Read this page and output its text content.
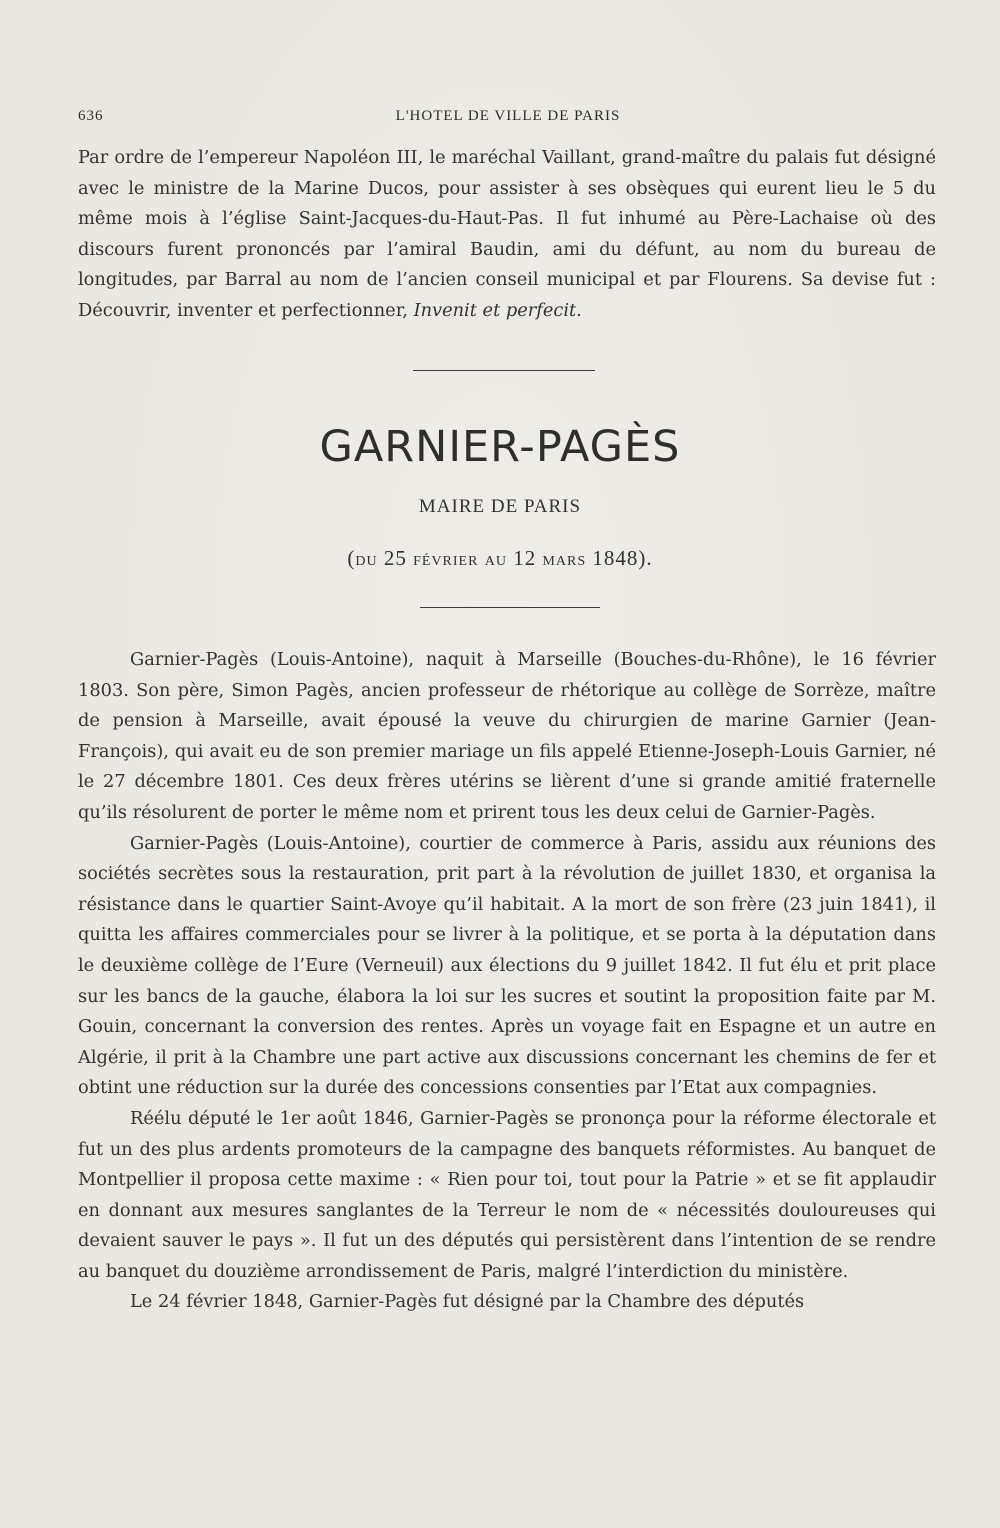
636	L'HOTEL DE VILLE DE PARIS

Par ordre de l’empereur Napoléon III, le maréchal Vaillant, grand-maître du palais fut désigné avec le ministre de la Marine Ducos, pour assister à ses obsèques qui eurent lieu le 5 du même mois à l’église Saint-Jacques-du-Haut-Pas. Il fut inhumé au Père-Lachaise où des discours furent prononcés par l’amiral Baudin, ami du défunt, au nom du bureau de longitudes, par Barral au nom de l’ancien conseil municipal et par Flourens. Sa devise fut : Découvrir, inventer et perfectionner, Invenit et perfecit.

GARNIER-PAGÈS
MAIRE DE PARIS
(DU 25 FÉVRIER AU 12 MARS 1848).

Garnier-Pagès (Louis-Antoine), naquit à Marseille (Bouches-du-Rhône), le 16 février 1803. Son père, Simon Pagès, ancien professeur de rhétorique au collège de Sorrèze, maître de pension à Marseille, avait épousé la veuve du chirurgien de marine Garnier (Jean-François), qui avait eu de son premier mariage un fils appelé Etienne-Joseph-Louis Garnier, né le 27 décembre 1801. Ces deux frères utérins se lièrent d’une si grande amitié fraternelle qu’ils résolurent de porter le même nom et prirent tous les deux celui de Garnier-Pagès.

Garnier-Pagès (Louis-Antoine), courtier de commerce à Paris, assidu aux réunions des sociétés secrètes sous la restauration, prit part à la révolution de juillet 1830, et organisa la résistance dans le quartier Saint-Avoye qu’il habitait. A la mort de son frère (23 juin 1841), il quitta les affaires commerciales pour se livrer à la politique, et se porta à la députation dans le deuxième collège de l’Eure (Verneuil) aux élections du 9 juillet 1842. Il fut élu et prit place sur les bancs de la gauche, élabora la loi sur les sucres et soutint la proposition faite par M. Gouin, concernant la conversion des rentes. Après un voyage fait en Espagne et un autre en Algérie, il prit à la Chambre une part active aux discussions concernant les chemins de fer et obtint une réduction sur la durée des concessions consenties par l’Etat aux compagnies.

Réélu député le 1er août 1846, Garnier-Pagès se prononça pour la réforme électorale et fut un des plus ardents promoteurs de la campagne des banquets réformistes. Au banquet de Montpellier il proposa cette maxime : « Rien pour toi, tout pour la Patrie » et se fit applaudir en donnant aux mesures sanglantes de la Terreur le nom de « nécessités douloureuses qui devaient sauver le pays ». Il fut un des députés qui persistèrent dans l’intention de se rendre au banquet du douzième arrondissement de Paris, malgré l’interdiction du ministère.

Le 24 février 1848, Garnier-Pagès fut désigné par la Chambre des députés
